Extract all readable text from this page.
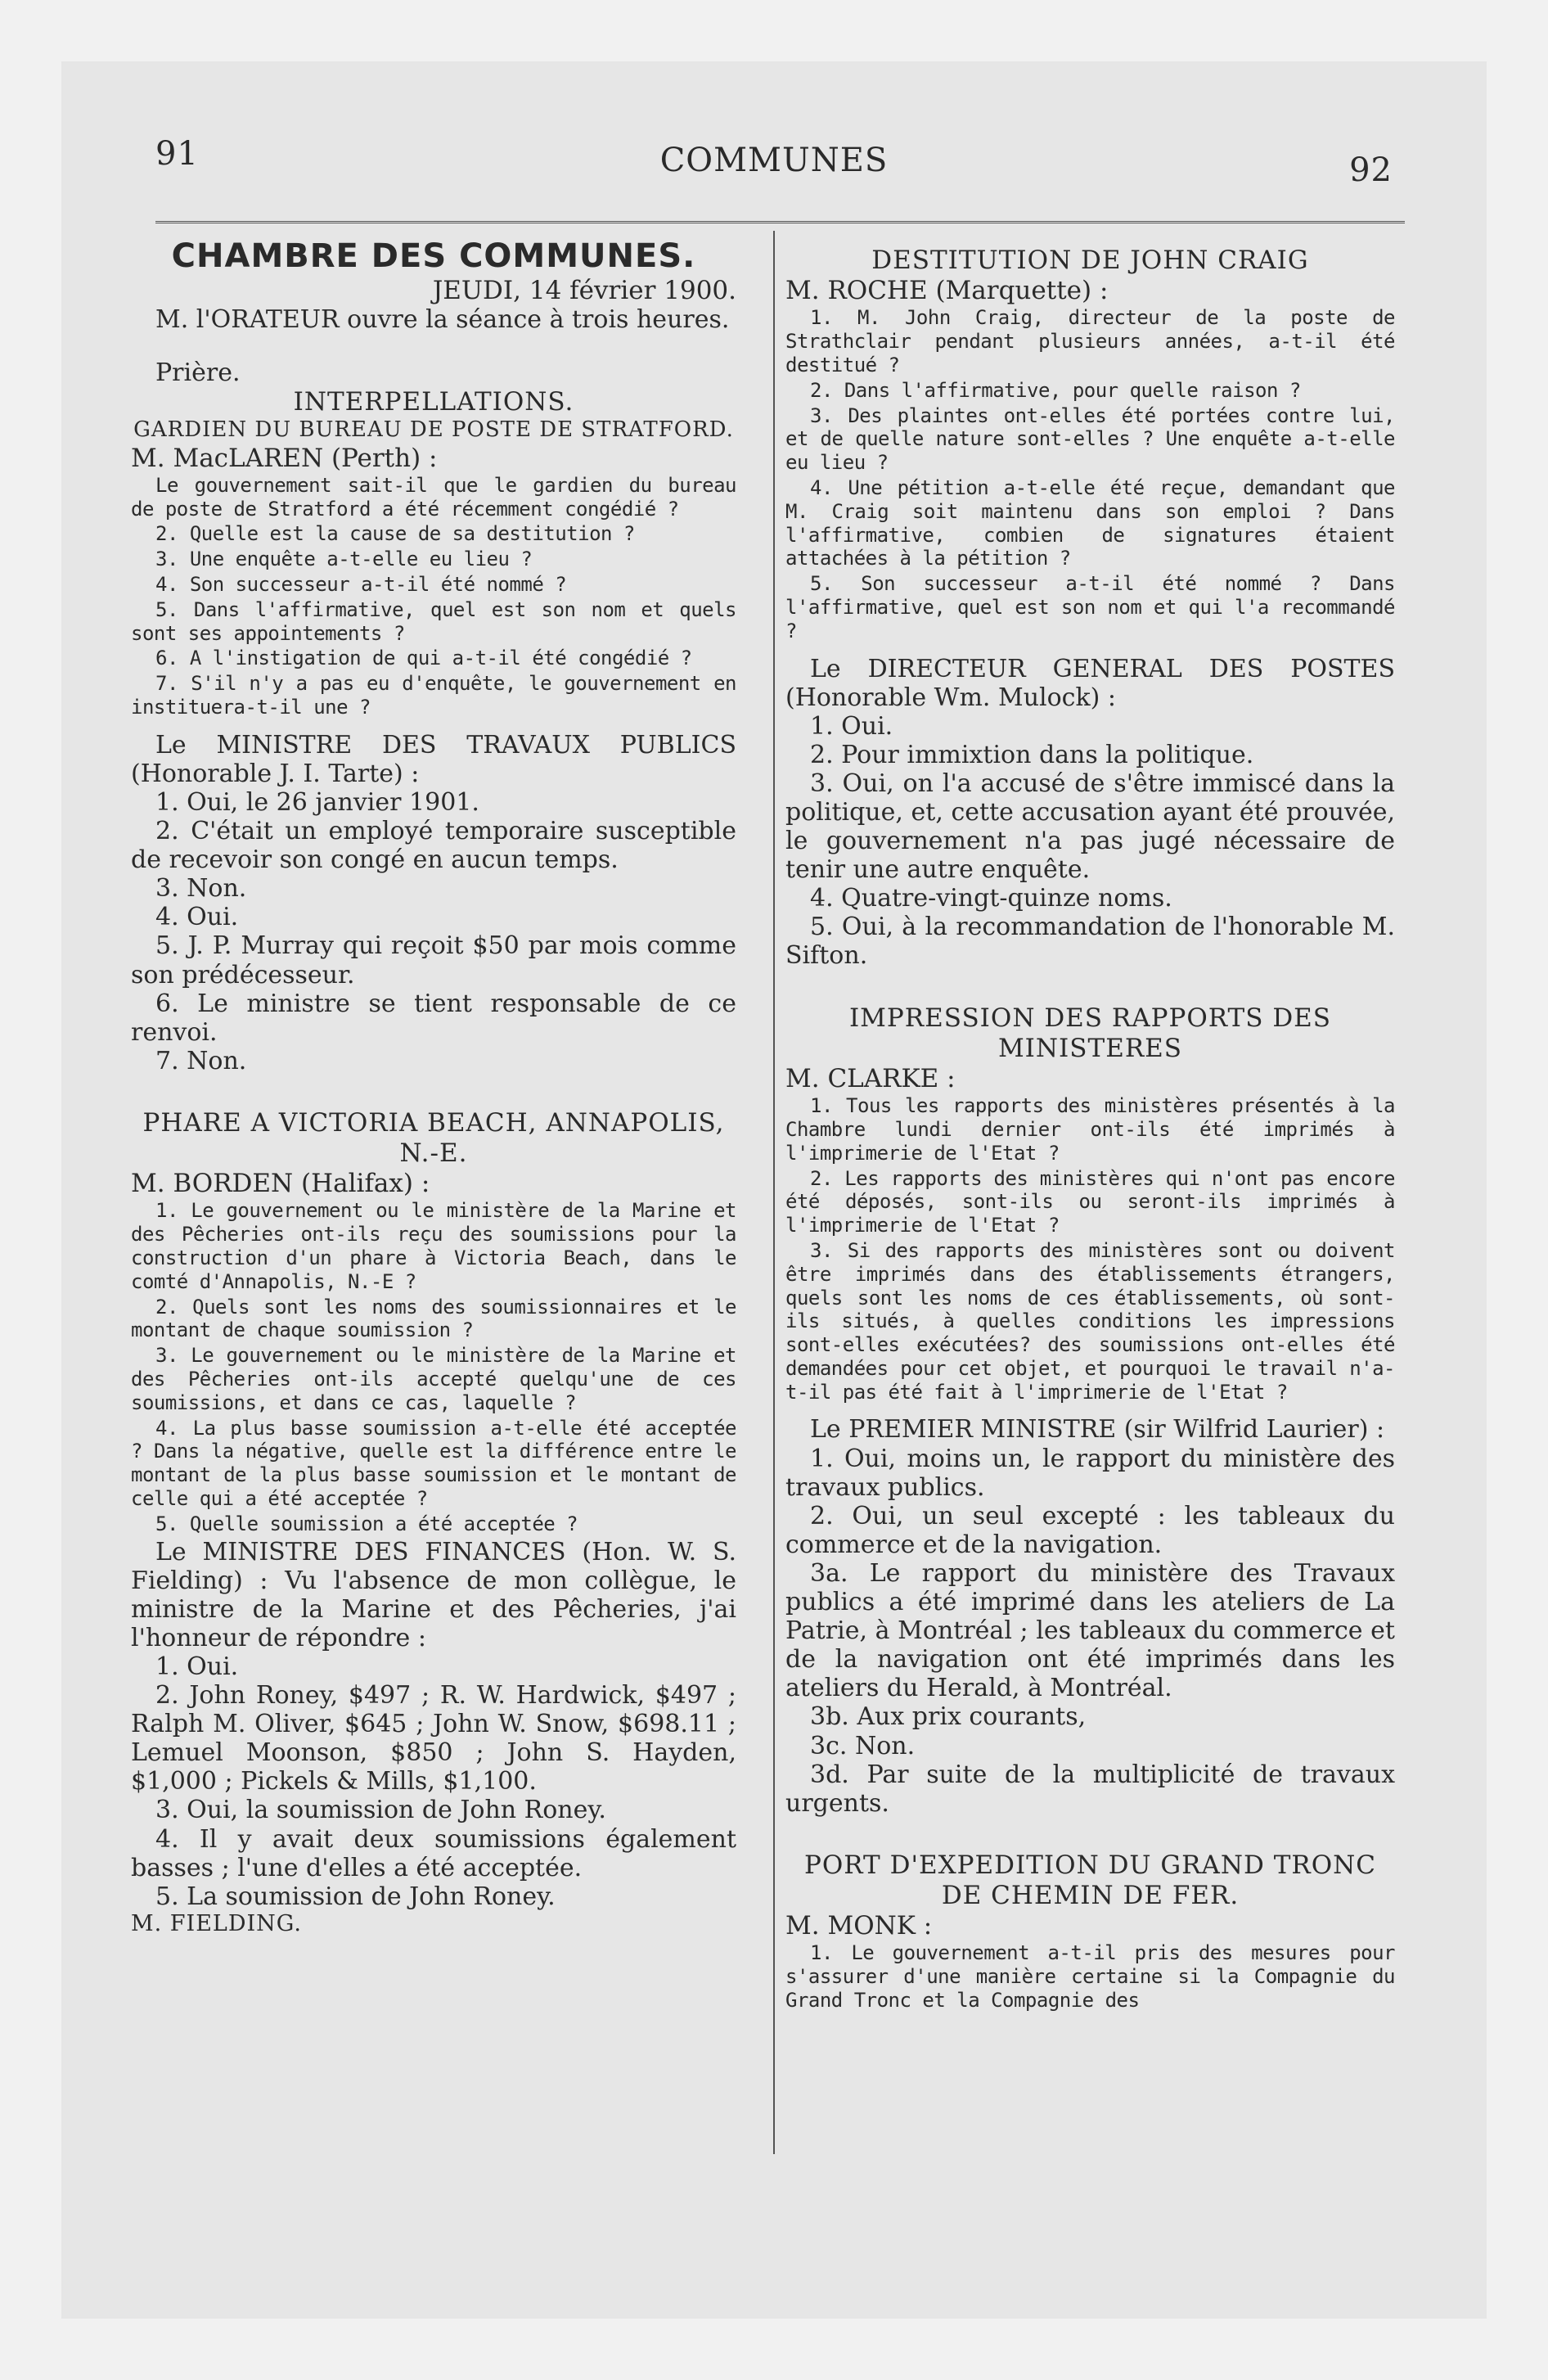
91	COMMUNES	92

CHAMBRE DES COMMUNES.

JEUDI, 14 février 1900.

M. l'ORATEUR ouvre la séance à trois heures.

Prière.

INTERPELLATIONS.

GARDIEN DU BUREAU DE POSTE DE STRATFORD.

M. MacLAREN (Perth) :

Le gouvernement sait-il que le gardien du bureau de poste de Stratford a été récemment congédié ?

2. Quelle est la cause de sa destitution ?

3. Une enquête a-t-elle eu lieu ?

4. Son successeur a-t-il été nommé ?

5. Dans l'affirmative, quel est son nom et quels sont ses appointements ?

6. A l'instigation de qui a-t-il été congédié ?

7. S'il n'y a pas eu d'enquête, le gouvernement en instituera-t-il une ?

Le MINISTRE DES TRAVAUX PUBLICS (Honorable J. I. Tarte) :

1. Oui, le 26 janvier 1901.

2. C'était un employé temporaire susceptible de recevoir son congé en aucun temps.

3. Non.

4. Oui.

5. J. P. Murray qui reçoit $50 par mois comme son prédécesseur.

6. Le ministre se tient responsable de ce renvoi.

7. Non.

PHARE A VICTORIA BEACH, ANNAPOLIS, N.-E.

M. BORDEN (Halifax) :

1. Le gouvernement ou le ministère de la Marine et des Pêcheries ont-ils reçu des soumissions pour la construction d'un phare à Victoria Beach, dans le comté d'Annapolis, N.-E ?

2. Quels sont les noms des soumissionnaires et le montant de chaque soumission ?

3. Le gouvernement ou le ministère de la Marine et des Pêcheries ont-ils accepté quelqu'une de ces soumissions, et dans ce cas, laquelle ?

4. La plus basse soumission a-t-elle été acceptée ? Dans la négative, quelle est la différence entre le montant de la plus basse soumission et le montant de celle qui a été acceptée ?

5. Quelle soumission a été acceptée ?

Le MINISTRE DES FINANCES (Hon. W. S. Fielding) : Vu l'absence de mon collègue, le ministre de la Marine et des Pêcheries, j'ai l'honneur de répondre :

1. Oui.

2. John Roney, $497 ; R. W. Hardwick, $497 ; Ralph M. Oliver, $645 ; John W. Snow, $698.11 ; Lemuel Moonson, $850 ; John S. Hayden, $1,000 ; Pickels & Mills, $1,100.

3. Oui, la soumission de John Roney.

4. Il y avait deux soumissions également basses ; l'une d'elles a été acceptée.

5. La soumission de John Roney.

M. FIELDING.

DESTITUTION DE JOHN CRAIG

M. ROCHE (Marquette) :

1. M. John Craig, directeur de la poste de Strathclair pendant plusieurs années, a-t-il été destitué ?

2. Dans l'affirmative, pour quelle raison ?

3. Des plaintes ont-elles été portées contre lui, et de quelle nature sont-elles ? Une enquête a-t-elle eu lieu ?

4. Une pétition a-t-elle été reçue, demandant que M. Craig soit maintenu dans son emploi ? Dans l'affirmative, combien de signatures étaient attachées à la pétition ?

5. Son successeur a-t-il été nommé ? Dans l'affirmative, quel est son nom et qui l'a recommandé ?

Le DIRECTEUR GENERAL DES POSTES (Honorable Wm. Mulock) :

1. Oui.

2. Pour immixtion dans la politique.

3. Oui, on l'a accusé de s'être immiscé dans la politique, et, cette accusation ayant été prouvée, le gouvernement n'a pas jugé nécessaire de tenir une autre enquête.

4. Quatre-vingt-quinze noms.

5. Oui, à la recommandation de l'honorable M. Sifton.

IMPRESSION DES RAPPORTS DES MINISTERES

M. CLARKE :

1. Tous les rapports des ministères présentés à la Chambre lundi dernier ont-ils été imprimés à l'imprimerie de l'Etat ?

2. Les rapports des ministères qui n'ont pas encore été déposés, sont-ils ou seront-ils imprimés à l'imprimerie de l'Etat ?

3. Si des rapports des ministères sont ou doivent être imprimés dans des établissements étrangers, quels sont les noms de ces établissements, où sont-ils situés, à quelles conditions les impressions sont-elles exécutées? des soumissions ont-elles été demandées pour cet objet, et pourquoi le travail n'a-t-il pas été fait à l'imprimerie de l'Etat ?

Le PREMIER MINISTRE (sir Wilfrid Laurier) :

1. Oui, moins un, le rapport du ministère des travaux publics.

2. Oui, un seul excepté : les tableaux du commerce et de la navigation.

3a. Le rapport du ministère des Travaux publics a été imprimé dans les ateliers de La Patrie, à Montréal ; les tableaux du commerce et de la navigation ont été imprimés dans les ateliers du Herald, à Montréal.

3b. Aux prix courants,

3c. Non.

3d. Par suite de la multiplicité de travaux urgents.

PORT D'EXPEDITION DU GRAND TRONC DE CHEMIN DE FER.

M. MONK :

1. Le gouvernement a-t-il pris des mesures pour s'assurer d'une manière certaine si la Compagnie du Grand Tronc et la Compagnie des
